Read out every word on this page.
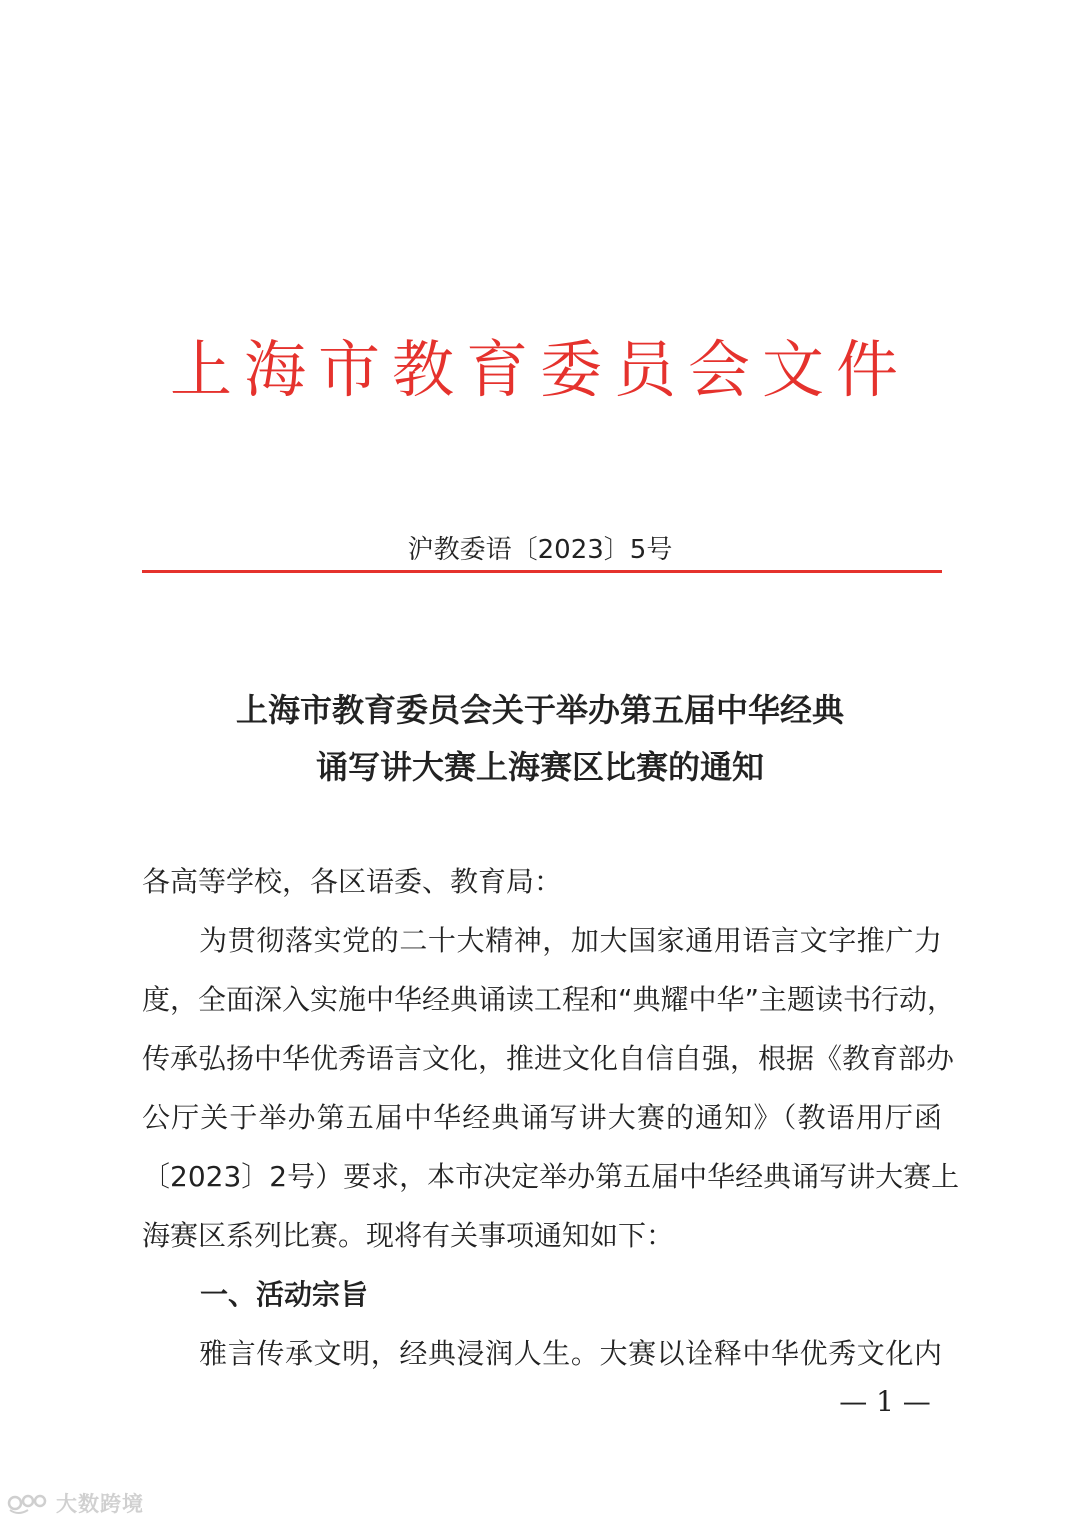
上海市教育委员会文件
沪教委语〔2023〕5号
上海市教育委员会关于举办第五届中华经典
诵写讲大赛上海赛区比赛的通知
各高等学校，各区语委、教育局：
　　为贯彻落实党的二十大精神，加大国家通用语言文字推广力
度，全面深入实施中华经典诵读工程和“典耀中华”主题读书行动，
传承弘扬中华优秀语言文化，推进文化自信自强，根据《教育部办
公厅关于举办第五届中华经典诵写讲大赛的通知》（教语用厅函
〔2023〕2号）要求，本市决定举办第五届中华经典诵写讲大赛上
海赛区系列比赛。现将有关事项通知如下：
一、活动宗旨
　　雅言传承文明，经典浸润人生。大赛以诠释中华优秀文化内
— 1 —
大数跨境
